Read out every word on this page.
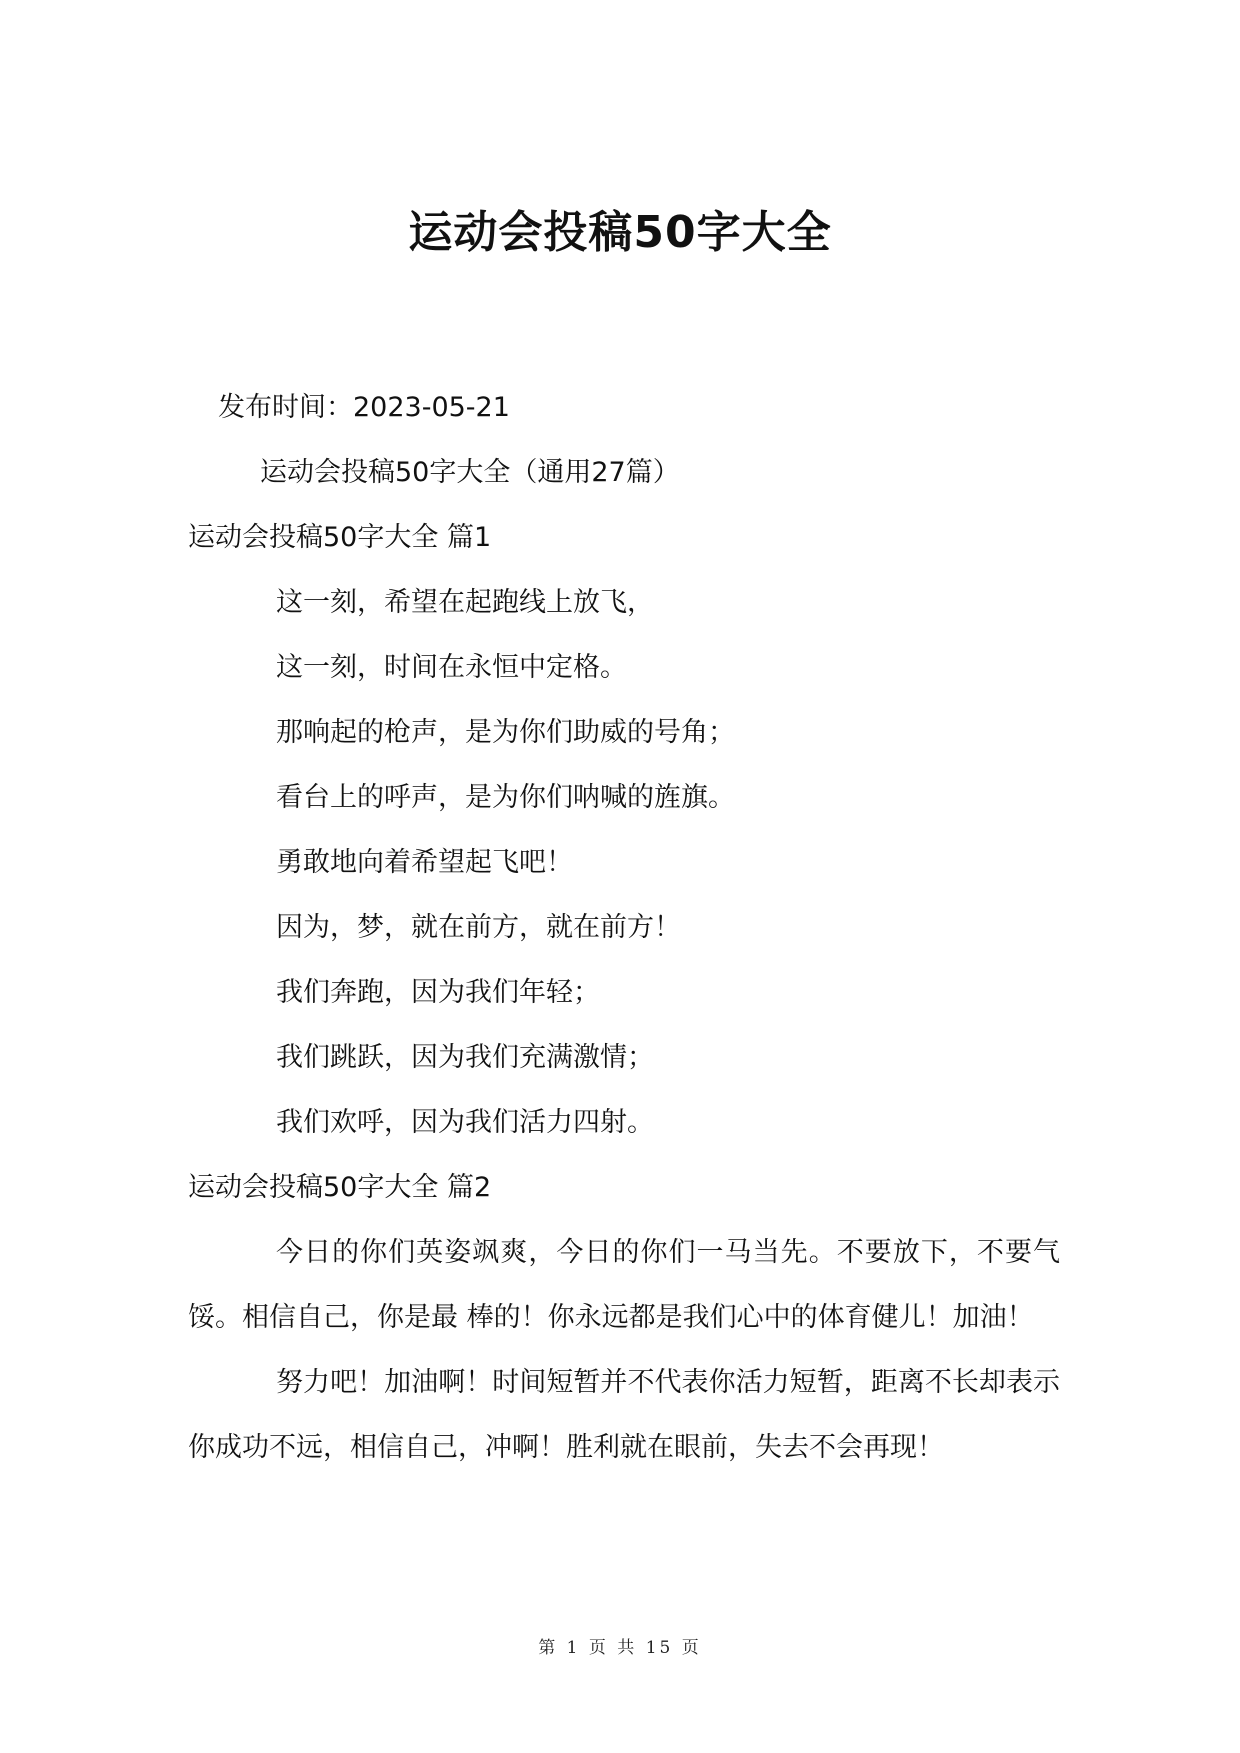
运动会投稿50字大全
发布时间：2023-05-21
运动会投稿50字大全（通用27篇）
运动会投稿50字大全 篇1
这一刻，希望在起跑线上放飞，
这一刻，时间在永恒中定格。
那响起的枪声，是为你们助威的号角；
看台上的呼声，是为你们呐喊的旌旗。
勇敢地向着希望起飞吧！
因为，梦，就在前方，就在前方！
我们奔跑，因为我们年轻；
我们跳跃，因为我们充满激情；
我们欢呼，因为我们活力四射。
运动会投稿50字大全 篇2

今日的你们英姿飒爽，今日的你们一马当先。不要放下，不要气馁。相信自己，你是最 棒的！你永远都是我们心中的体育健儿！加油！

努力吧！加油啊！时间短暂并不代表你活力短暂，距离不长却表示你成功不远，相信自己，冲啊！胜利就在眼前，失去不会再现！

第 1 页 共 15 页
